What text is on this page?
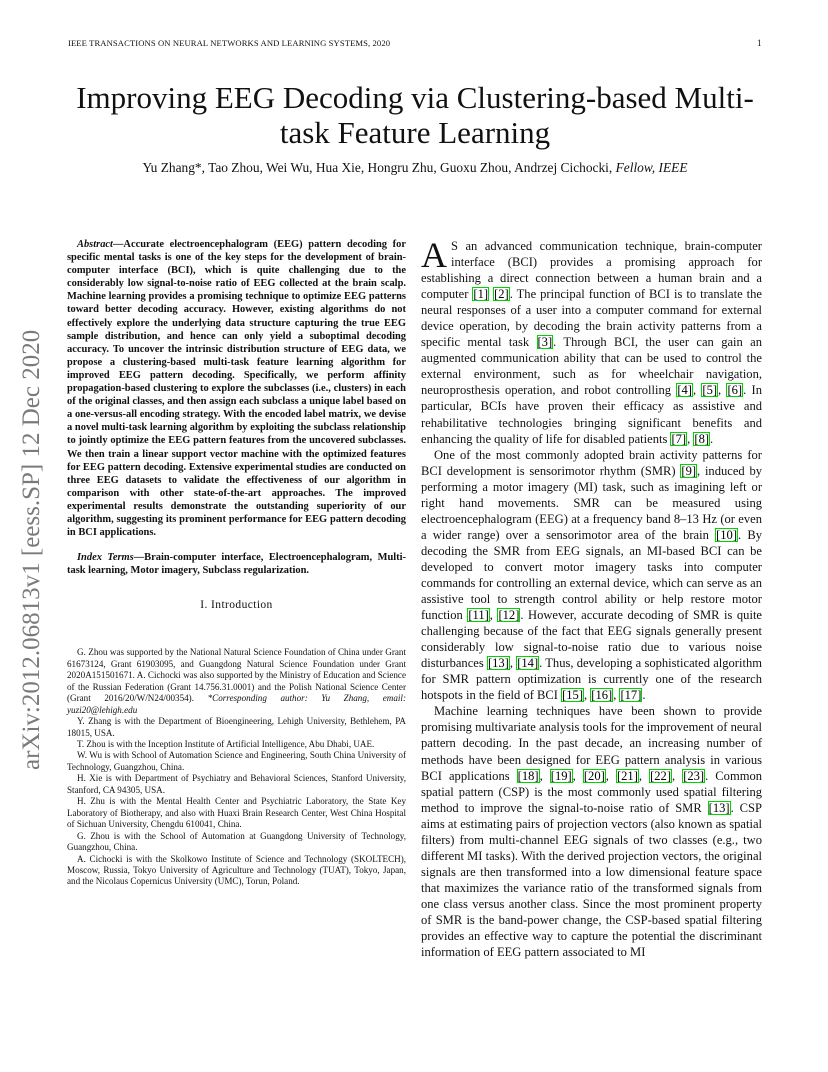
IEEE TRANSACTIONS ON NEURAL NETWORKS AND LEARNING SYSTEMS, 2020	1
Improving EEG Decoding via Clustering-based Multi-task Feature Learning
Yu Zhang*, Tao Zhou, Wei Wu, Hua Xie, Hongru Zhu, Guoxu Zhou, Andrzej Cichocki, Fellow, IEEE
arXiv:2012.06813v1 [eess.SP] 12 Dec 2020

Abstract—Accurate electroencephalogram (EEG) pattern decoding for specific mental tasks is one of the key steps for the development of brain-computer interface (BCI), which is quite challenging due to the considerably low signal-to-noise ratio of EEG collected at the brain scalp. Machine learning provides a promising technique to optimize EEG patterns toward better decoding accuracy. However, existing algorithms do not effectively explore the underlying data structure capturing the true EEG sample distribution, and hence can only yield a suboptimal decoding accuracy. To uncover the intrinsic distribution structure of EEG data, we propose a clustering-based multi-task feature learning algorithm for improved EEG pattern decoding. Specifically, we perform affinity propagation-based clustering to explore the subclasses (i.e., clusters) in each of the original classes, and then assign each subclass a unique label based on a one-versus-all encoding strategy. With the encoded label matrix, we devise a novel multi-task learning algorithm by exploiting the subclass relationship to jointly optimize the EEG pattern features from the uncovered subclasses. We then train a linear support vector machine with the optimized features for EEG pattern decoding. Extensive experimental studies are conducted on three EEG datasets to validate the effectiveness of our algorithm in comparison with other state-of-the-art approaches. The improved experimental results demonstrate the outstanding superiority of our algorithm, suggesting its prominent performance for EEG pattern decoding in BCI applications.

Index Terms—Brain-computer interface, Electroencephalogram, Multi-task learning, Motor imagery, Subclass regularization.

I. Introduction

G. Zhou was supported by the National Natural Science Foundation of China under Grant 61673124, Grant 61903095, and Guangdong Natural Science Foundation under Grant 2020A151501671. A. Cichocki was also supported by the Ministry of Education and Science of the Russian Federation (Grant 14.756.31.0001) and the Polish National Science Center (Grant 2016/20/W/N24/00354). *Corresponding author: Yu Zhang, email: yuzi20@lehigh.edu

Y. Zhang is with the Department of Bioengineering, Lehigh University, Bethlehem, PA 18015, USA.

T. Zhou is with the Inception Institute of Artificial Intelligence, Abu Dhabi, UAE.

W. Wu is with School of Automation Science and Engineering, South China University of Technology, Guangzhou, China.

H. Xie is with Department of Psychiatry and Behavioral Sciences, Stanford University, Stanford, CA 94305, USA.

H. Zhu is with the Mental Health Center and Psychiatric Laboratory, the State Key Laboratory of Biotherapy, and also with Huaxi Brain Research Center, West China Hospital of Sichuan University, Chengdu 610041, China.

G. Zhou is with the School of Automation at Guangdong University of Technology, Guangzhou, China.

A. Cichocki is with the Skolkowo Institute of Science and Technology (SKOLTECH), Moscow, Russia, Tokyo University of Agriculture and Technology (TUAT), Tokyo, Japan, and the Nicolaus Copernicus University (UMC), Torun, Poland.

A S an advanced communication technique, brain-computer interface (BCI) provides a promising approach for establishing a direct connection between a human brain and a computer [1] [2]. The principal function of BCI is to translate the neural responses of a user into a computer command for external device operation, by decoding the brain activity patterns from a specific mental task [3]. Through BCI, the user can gain an augmented communication ability that can be used to control the external environment, such as for wheelchair navigation, neuroprosthesis operation, and robot controlling [4], [5], [6]. In particular, BCIs have proven their efficacy as assistive and rehabilitative technologies bringing significant benefits and enhancing the quality of life for disabled patients [7], [8].

One of the most commonly adopted brain activity patterns for BCI development is sensorimotor rhythm (SMR) [9], induced by performing a motor imagery (MI) task, such as imagining left or right hand movements. SMR can be measured using electroencephalogram (EEG) at a frequency band 8–13 Hz (or even a wider range) over a sensorimotor area of the brain [10]. By decoding the SMR from EEG signals, an MI-based BCI can be developed to convert motor imagery tasks into computer commands for controlling an external device, which can serve as an assistive tool to strength control ability or help restore motor function [11], [12]. However, accurate decoding of SMR is quite challenging because of the fact that EEG signals generally present considerably low signal-to-noise ratio due to various noise disturbances [13], [14]. Thus, developing a sophisticated algorithm for SMR pattern optimization is currently one of the research hotspots in the field of BCI [15], [16], [17].

Machine learning techniques have been shown to provide promising multivariate analysis tools for the improvement of neural pattern decoding. In the past decade, an increasing number of methods have been designed for EEG pattern analysis in various BCI applications [18], [19], [20], [21], [22], [23]. Common spatial pattern (CSP) is the most commonly used spatial filtering method to improve the signal-to-noise ratio of SMR [13]. CSP aims at estimating pairs of projection vectors (also known as spatial filters) from multi-channel EEG signals of two classes (e.g., two different MI tasks). With the derived projection vectors, the original signals are then transformed into a low dimensional feature space that maximizes the variance ratio of the transformed signals from one class versus another class. Since the most prominent property of SMR is the band-power change, the CSP-based spatial filtering provides an effective way to capture the potential the discriminant information of EEG pattern associated to MI
